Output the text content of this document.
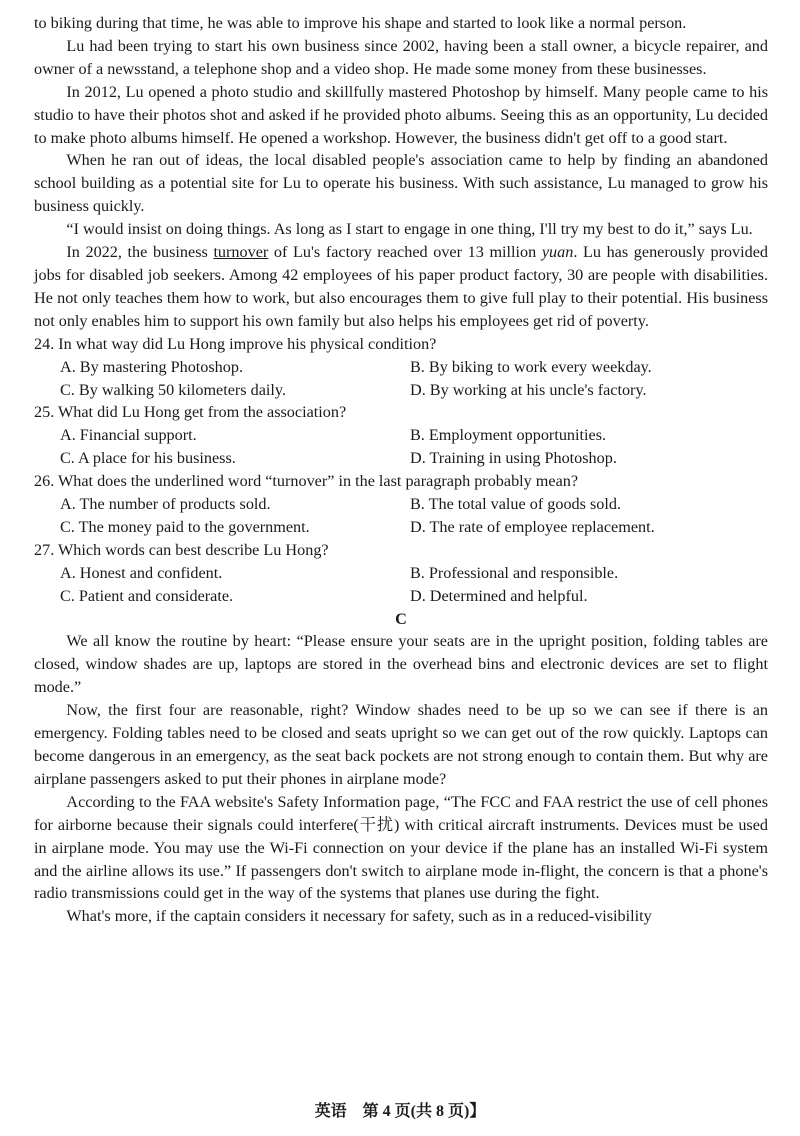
to biking during that time, he was able to improve his shape and started to look like a normal person.

Lu had been trying to start his own business since 2002, having been a stall owner, a bicycle repairer, and owner of a newsstand, a telephone shop and a video shop. He made some money from these businesses.

In 2012, Lu opened a photo studio and skillfully mastered Photoshop by himself. Many people came to his studio to have their photos shot and asked if he provided photo albums. Seeing this as an opportunity, Lu decided to make photo albums himself. He opened a workshop. However, the business didn't get off to a good start.

When he ran out of ideas, the local disabled people's association came to help by finding an abandoned school building as a potential site for Lu to operate his business. With such assistance, Lu managed to grow his business quickly.

“I would insist on doing things. As long as I start to engage in one thing, I'll try my best to do it,” says Lu.

In 2022, the business turnover of Lu's factory reached over 13 million yuan. Lu has generously provided jobs for disabled job seekers. Among 42 employees of his paper product factory, 30 are people with disabilities. He not only teaches them how to work, but also encourages them to give full play to their potential. His business not only enables him to support his own family but also helps his employees get rid of poverty.

24. In what way did Lu Hong improve his physical condition?

A. By mastering Photoshop.	B. By biking to work every weekday.
C. By walking 50 kilometers daily.	D. By working at his uncle's factory.

25. What did Lu Hong get from the association?

A. Financial support.	B. Employment opportunities.
C. A place for his business.	D. Training in using Photoshop.

26. What does the underlined word “turnover” in the last paragraph probably mean?

A. The number of products sold.	B. The total value of goods sold.
C. The money paid to the government.	D. The rate of employee replacement.

27. Which words can best describe Lu Hong?

A. Honest and confident.	B. Professional and responsible.
C. Patient and considerate.	D. Determined and helpful.

C

We all know the routine by heart: “Please ensure your seats are in the upright position, folding tables are closed, window shades are up, laptops are stored in the overhead bins and electronic devices are set to flight mode.”

Now, the first four are reasonable, right? Window shades need to be up so we can see if there is an emergency. Folding tables need to be closed and seats upright so we can get out of the row quickly. Laptops can become dangerous in an emergency, as the seat back pockets are not strong enough to contain them. But why are airplane passengers asked to put their phones in airplane mode?

According to the FAA website's Safety Information page, “The FCC and FAA restrict the use of cell phones for airborne because their signals could interfere(干扰) with critical aircraft instruments. Devices must be used in airplane mode. You may use the Wi-Fi connection on your device if the plane has an installed Wi-Fi system and the airline allows its use.” If passengers don't switch to airplane mode in-flight, the concern is that a phone's radio transmissions could get in the way of the systems that planes use during the fight.

What's more, if the captain considers it necessary for safety, such as in a reduced-visibility

英语　第 4 页(共 8 页)】
